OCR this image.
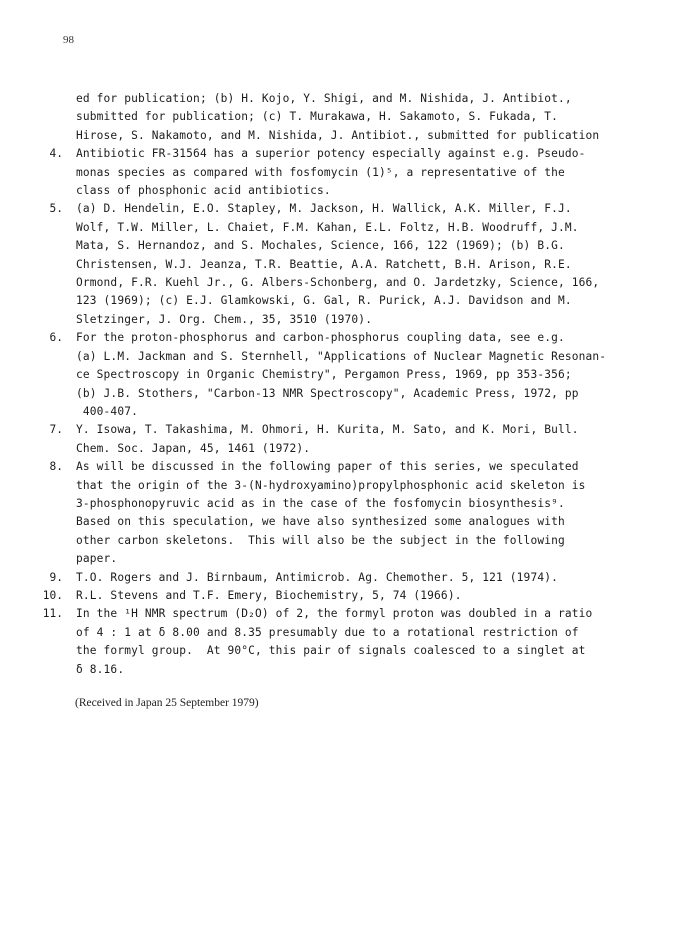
98
ed for publication; (b) H. Kojo, Y. Shigi, and M. Nishida, J. Antibiot.,
submitted for publication; (c) T. Murakawa, H. Sakamoto, S. Fukada, T.
Hirose, S. Nakamoto, and M. Nishida, J. Antibiot., submitted for publication
4. Antibiotic FR-31564 has a superior potency especially against e.g. Pseudo-
monas species as compared with fosfomycin (1)⁵, a representative of the
class of phosphonic acid antibiotics.
5. (a) D. Hendelin, E.O. Stapley, M. Jackson, H. Wallick, A.K. Miller, F.J.
Wolf, T.W. Miller, L. Chaiet, F.M. Kahan, E.L. Foltz, H.B. Woodruff, J.M.
Mata, S. Hernandoz, and S. Mochales, Science, 166, 122 (1969); (b) B.G.
Christensen, W.J. Jeanza, T.R. Beattie, A.A. Ratchett, B.H. Arison, R.E.
Ormond, F.R. Kuehl Jr., G. Albers-Schonberg, and O. Jardetzky, Science, 166,
123 (1969); (c) E.J. Glamkowski, G. Gal, R. Purick, A.J. Davidson and M.
Sletzinger, J. Org. Chem., 35, 3510 (1970).
6. For the proton-phosphorus and carbon-phosphorus coupling data, see e.g.
(a) L.M. Jackman and S. Sternhell, "Applications of Nuclear Magnetic Resonan-
ce Spectroscopy in Organic Chemistry", Pergamon Press, 1969, pp 353-356;
(b) J.B. Stothers, "Carbon-13 NMR Spectroscopy", Academic Press, 1972, pp
400-407.
7. Y. Isowa, T. Takashima, M. Ohmori, H. Kurita, M. Sato, and K. Mori, Bull.
Chem. Soc. Japan, 45, 1461 (1972).
8. As will be discussed in the following paper of this series, we speculated
that the origin of the 3-(N-hydroxyamino)propylphosphonic acid skeleton is
3-phosphonopyruvic acid as in the case of the fosfomycin biosynthesis⁹.
Based on this speculation, we have also synthesized some analogues with
other carbon skeletons.  This will also be the subject in the following
paper.
9. T.O. Rogers and J. Birnbaum, Antimicrob. Ag. Chemother. 5, 121 (1974).
10. R.L. Stevens and T.F. Emery, Biochemistry, 5, 74 (1966).
11. In the ¹H NMR spectrum (D₂O) of 2, the formyl proton was doubled in a ratio
of 4 : 1 at δ 8.00 and 8.35 presumably due to a rotational restriction of
the formyl group.  At 90°C, this pair of signals coalesced to a singlet at
δ 8.16.
(Received in Japan 25 September 1979)
